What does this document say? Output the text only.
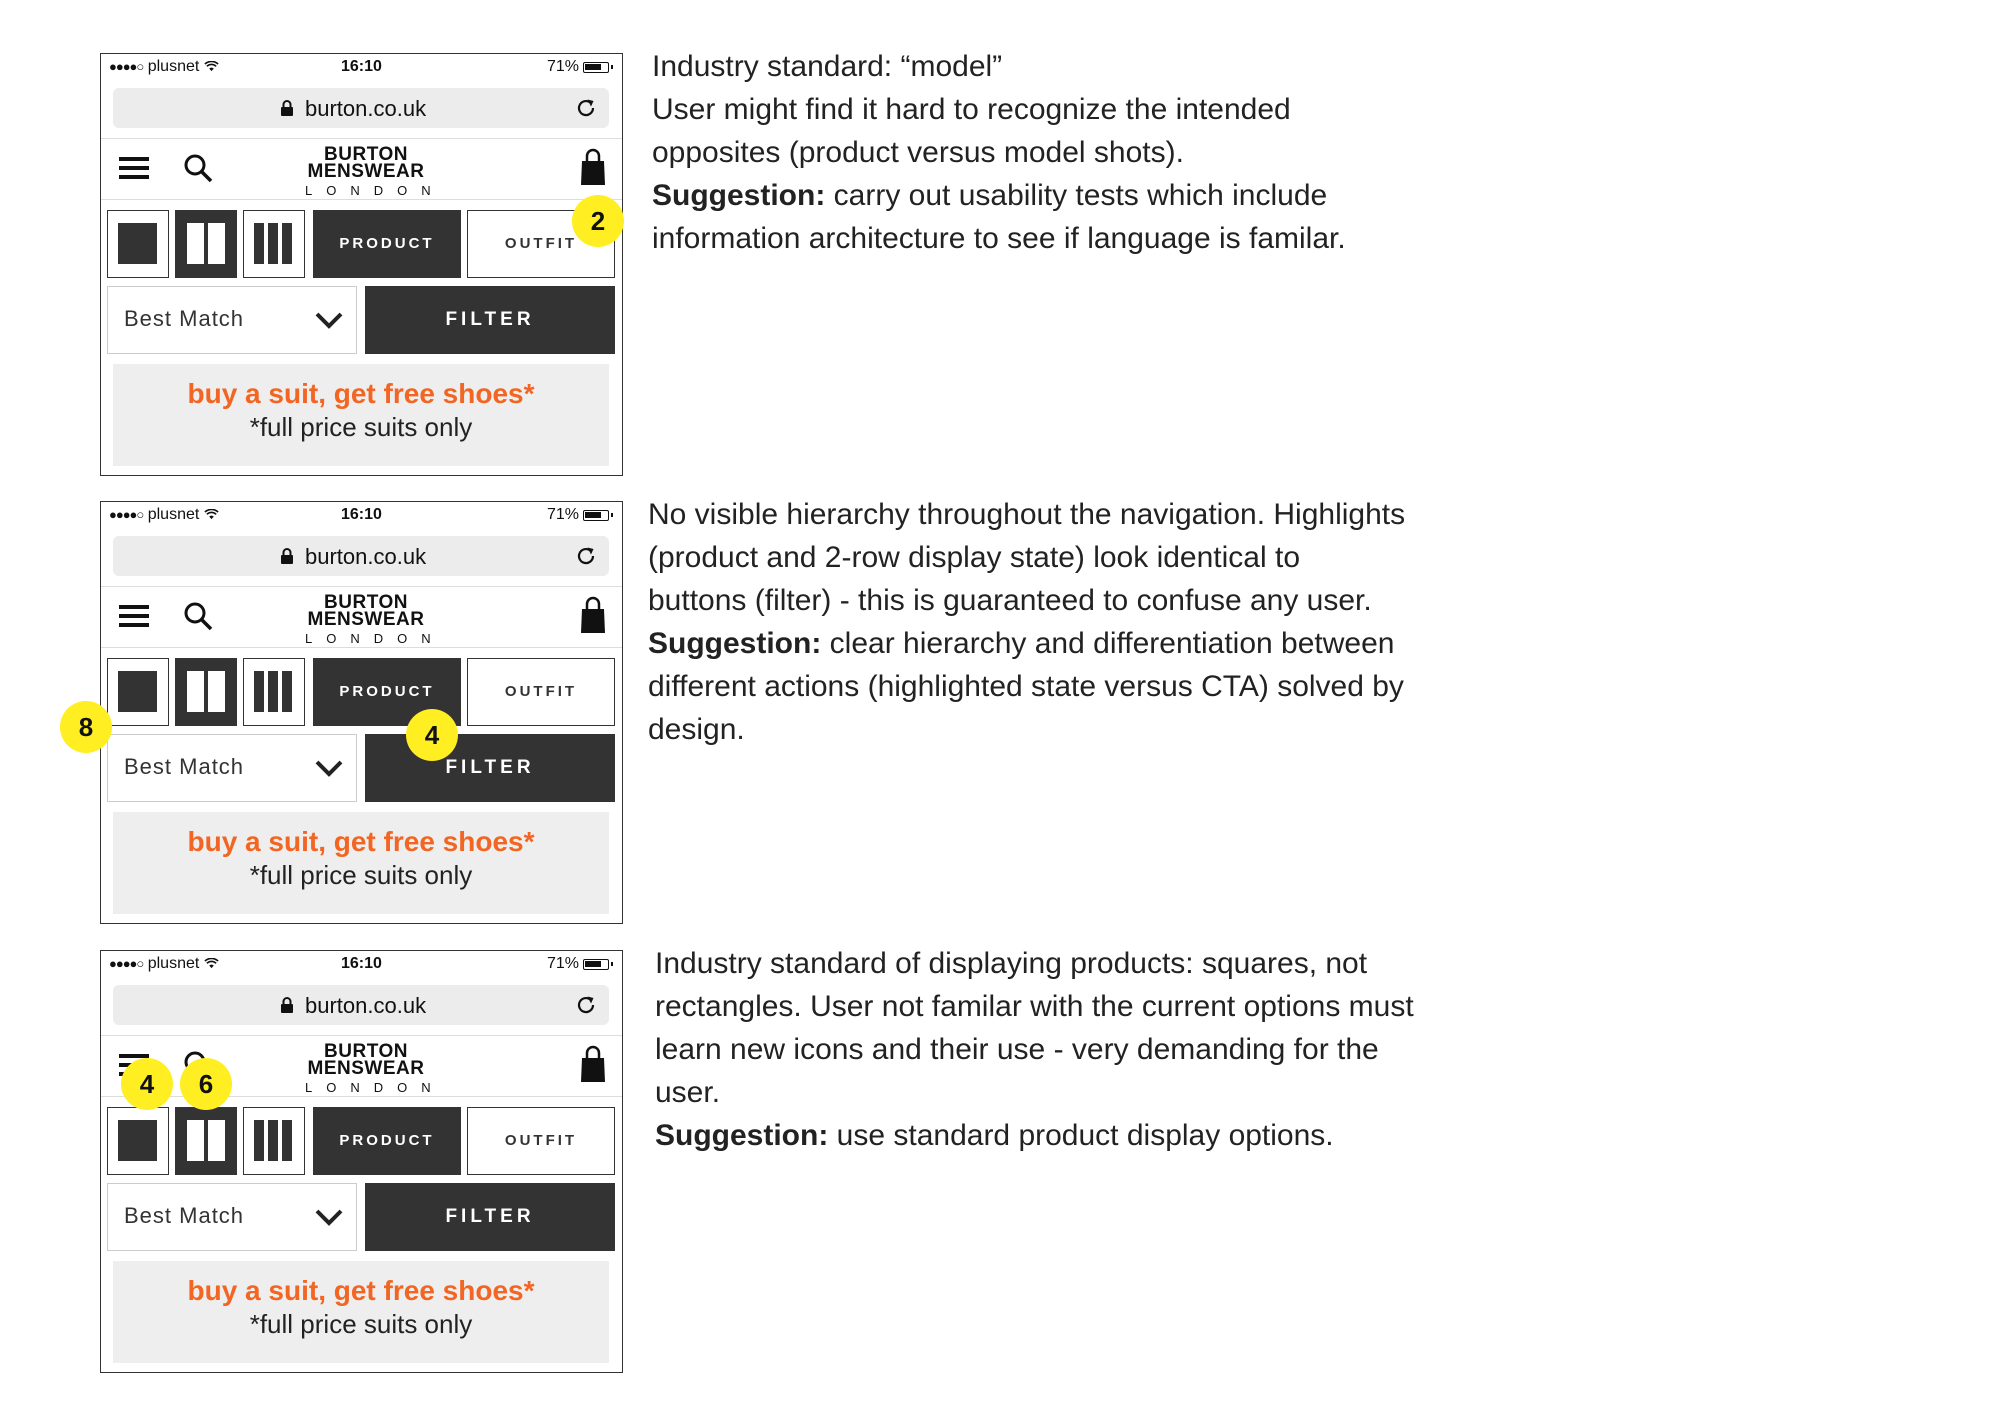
●●●●○ plusnet	16:10	71%
burton.co.uk
BURTON
MENSWEAR
LONDON
PRODUCT	OUTFIT
Best Match	FILTER
buy a suit, get free shoes*
*full price suits only
2

Industry standard: “model”

User might find it hard to recognize the intended

opposites (product versus model shots).

Suggestion: carry out usability tests which include

information architecture to see if language is familar.

●●●●○ plusnet	16:10	71%
burton.co.uk
BURTON
MENSWEAR
LONDON
PRODUCT	OUTFIT
Best Match	FILTER
buy a suit, get free shoes*
*full price suits only
8	4

No visible hierarchy throughout the navigation. Highlights

(product and 2-row display state) look identical to

buttons (filter) - this is guaranteed to confuse any user.

Suggestion: clear hierarchy and differentiation between

different actions (highlighted state versus CTA) solved by

design.

●●●●○ plusnet	16:10	71%
burton.co.uk
BURTON
MENSWEAR
LONDON
PRODUCT	OUTFIT
Best Match	FILTER
buy a suit, get free shoes*
*full price suits only
4	6

Industry standard of displaying products: squares, not

rectangles. User not familar with the current options must

learn new icons and their use - very demanding for the

user.

Suggestion: use standard product display options.
